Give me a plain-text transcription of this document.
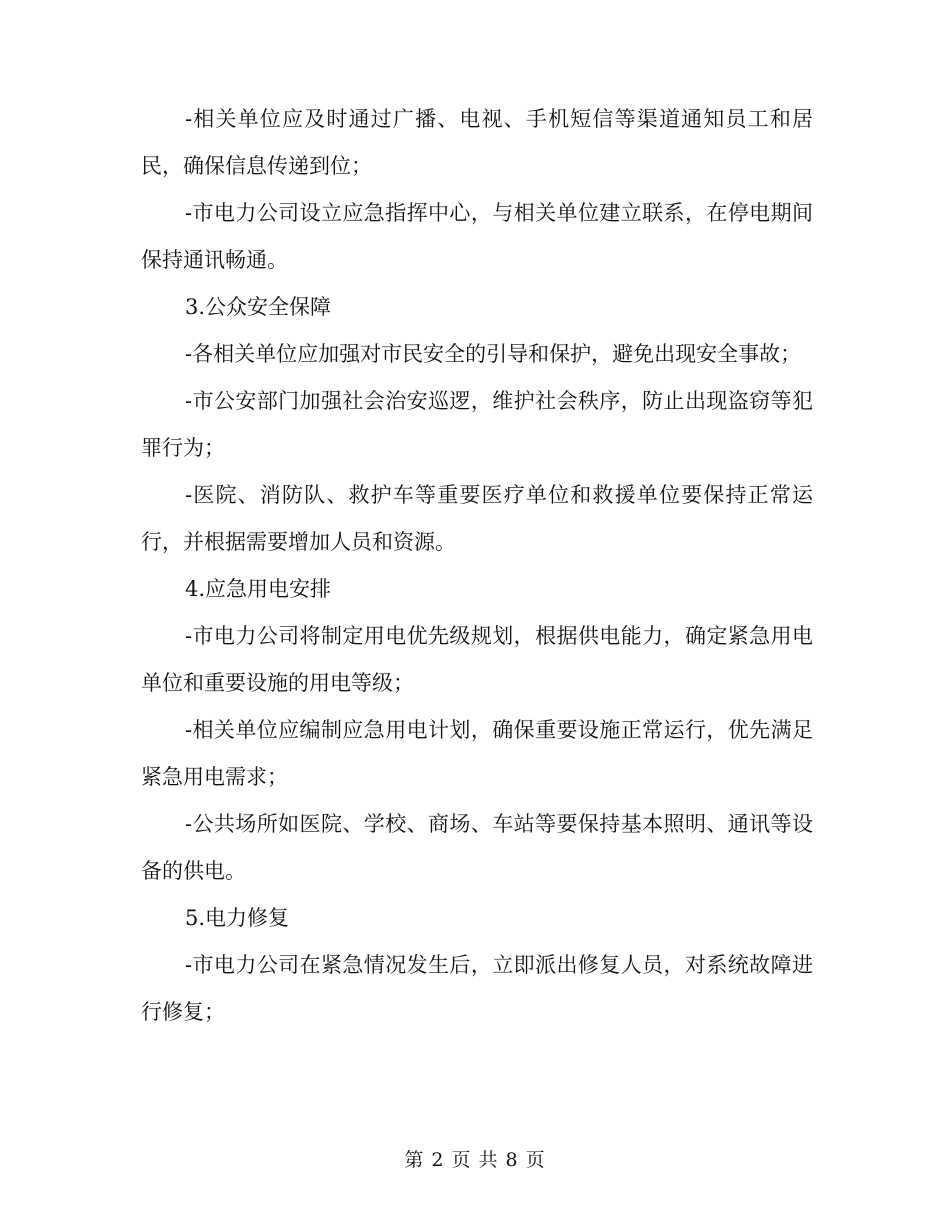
-相关单位应及时通过广播、电视、手机短信等渠道通知员工和居民，确保信息传递到位；

-市电力公司设立应急指挥中心，与相关单位建立联系，在停电期间保持通讯畅通。

3.公众安全保障

-各相关单位应加强对市民安全的引导和保护，避免出现安全事故；

-市公安部门加强社会治安巡逻，维护社会秩序，防止出现盗窃等犯罪行为；

-医院、消防队、救护车等重要医疗单位和救援单位要保持正常运行，并根据需要增加人员和资源。

4.应急用电安排

-市电力公司将制定用电优先级规划，根据供电能力，确定紧急用电单位和重要设施的用电等级；

-相关单位应编制应急用电计划，确保重要设施正常运行，优先满足紧急用电需求；

-公共场所如医院、学校、商场、车站等要保持基本照明、通讯等设备的供电。

5.电力修复

-市电力公司在紧急情况发生后，立即派出修复人员，对系统故障进行修复；

第 2 页 共 8 页
